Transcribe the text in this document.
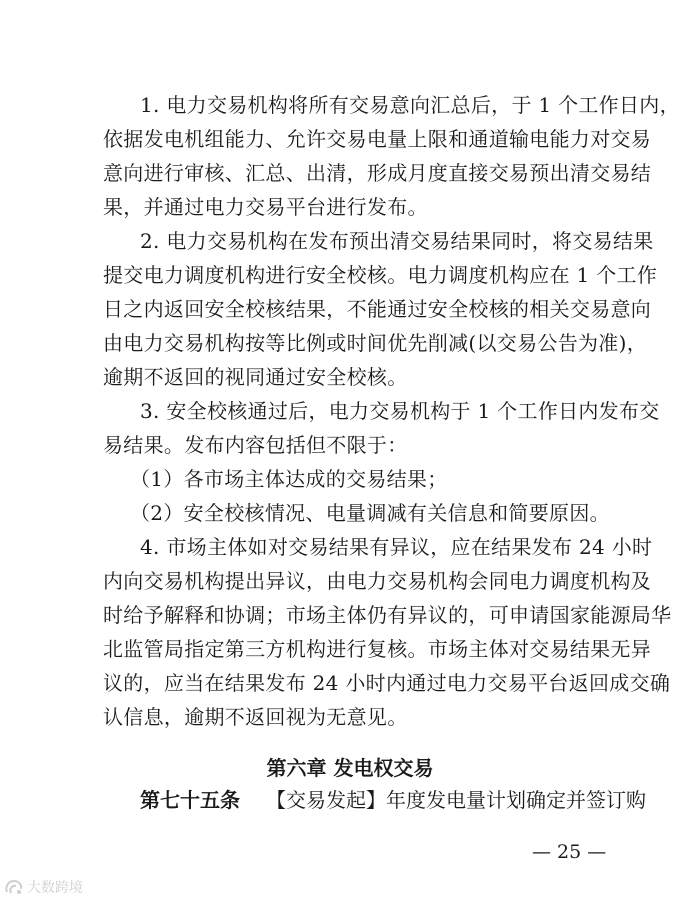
1. 电力交易机构将所有交易意向汇总后，于 1 个工作日内，

依据发电机组能力、允许交易电量上限和通道输电能力对交易

意向进行审核、汇总、出清，形成月度直接交易预出清交易结

果，并通过电力交易平台进行发布。

2. 电力交易机构在发布预出清交易结果同时，将交易结果

提交电力调度机构进行安全校核。电力调度机构应在 1 个工作

日之内返回安全校核结果，不能通过安全校核的相关交易意向

由电力交易机构按等比例或时间优先削减(以交易公告为准)，

逾期不返回的视同通过安全校核。

3. 安全校核通过后，电力交易机构于 1 个工作日内发布交

易结果。发布内容包括但不限于：

（1）各市场主体达成的交易结果；

（2）安全校核情况、电量调减有关信息和简要原因。

4. 市场主体如对交易结果有异议，应在结果发布 24 小时

内向交易机构提出异议，由电力交易机构会同电力调度机构及

时给予解释和协调；市场主体仍有异议的，可申请国家能源局华

北监管局指定第三方机构进行复核。市场主体对交易结果无异

议的，应当在结果发布 24 小时内通过电力交易平台返回成交确

认信息，逾期不返回视为无意见。

第六章 发电权交易

第七十五条 【交易发起】年度发电量计划确定并签订购

— 25 —

大数跨境
